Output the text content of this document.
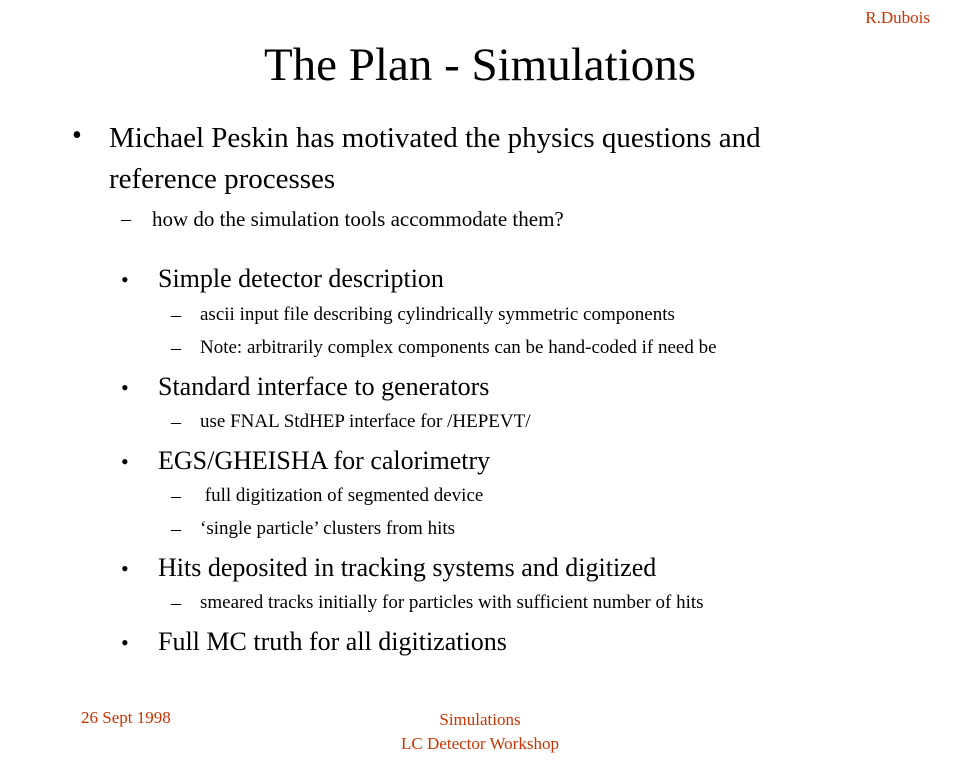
R.Dubois
The Plan - Simulations
• Michael Peskin has motivated the physics questions and reference processes
– how do the simulation tools accommodate them?
• Simple detector description
– ascii input file describing cylindrically symmetric components
– Note: arbitrarily complex components can be hand-coded if need be
• Standard interface to generators
– use FNAL StdHEP interface for /HEPEVT/
• EGS/GHEISHA for calorimetry
– full digitization of segmented device
– ‘single particle’ clusters from hits
• Hits deposited in tracking systems and digitized
– smeared tracks initially for particles with sufficient number of hits
• Full MC truth for all digitizations
26 Sept 1998	Simulations
LC Detector Workshop
